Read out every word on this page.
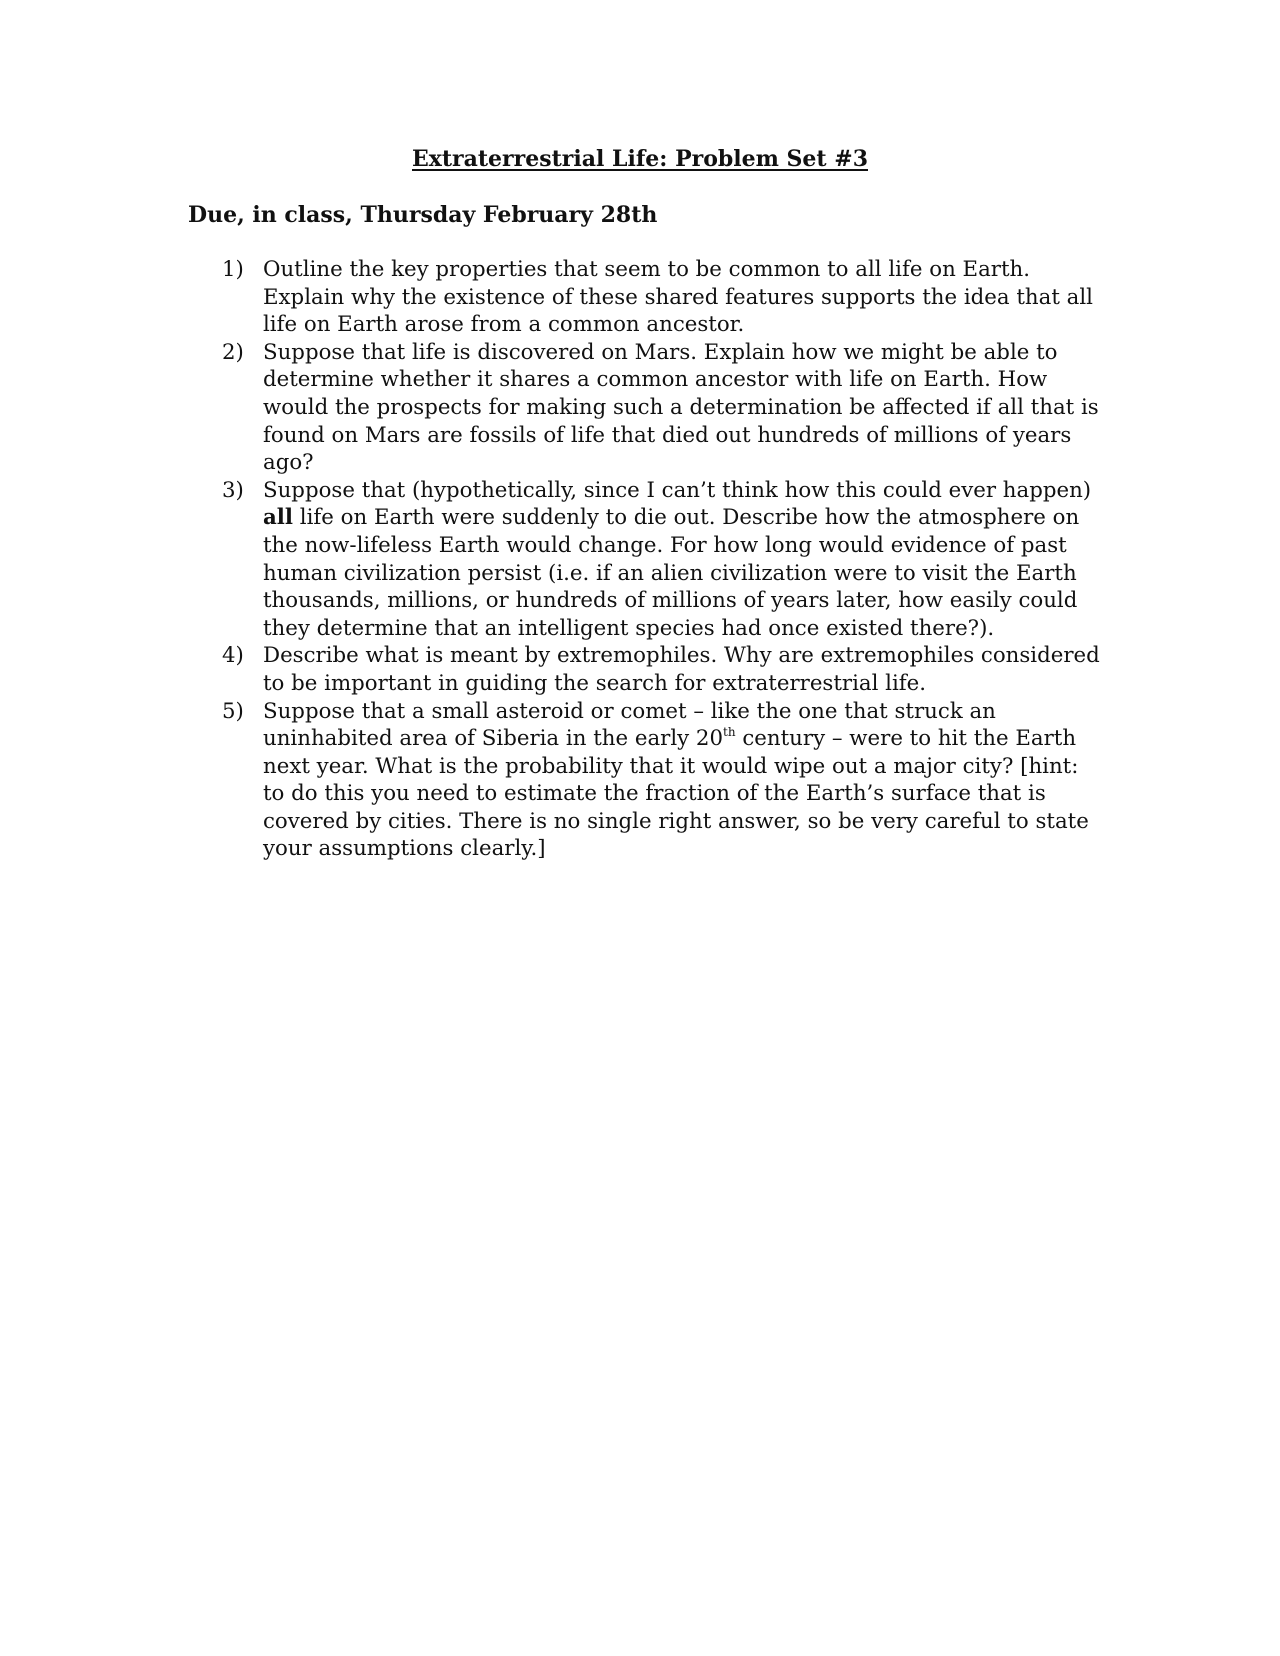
Extraterrestrial Life: Problem Set #3
Due, in class, Thursday February 28th
1) Outline the key properties that seem to be common to all life on Earth. Explain why the existence of these shared features supports the idea that all life on Earth arose from a common ancestor.
2) Suppose that life is discovered on Mars. Explain how we might be able to determine whether it shares a common ancestor with life on Earth. How would the prospects for making such a determination be affected if all that is found on Mars are fossils of life that died out hundreds of millions of years ago?
3) Suppose that (hypothetically, since I can’t think how this could ever happen) all life on Earth were suddenly to die out. Describe how the atmosphere on the now-lifeless Earth would change. For how long would evidence of past human civilization persist (i.e. if an alien civilization were to visit the Earth thousands, millions, or hundreds of millions of years later, how easily could they determine that an intelligent species had once existed there?).
4) Describe what is meant by extremophiles. Why are extremophiles considered to be important in guiding the search for extraterrestrial life.
5) Suppose that a small asteroid or comet – like the one that struck an uninhabited area of Siberia in the early 20th century – were to hit the Earth next year. What is the probability that it would wipe out a major city? [hint: to do this you need to estimate the fraction of the Earth’s surface that is covered by cities. There is no single right answer, so be very careful to state your assumptions clearly.]
